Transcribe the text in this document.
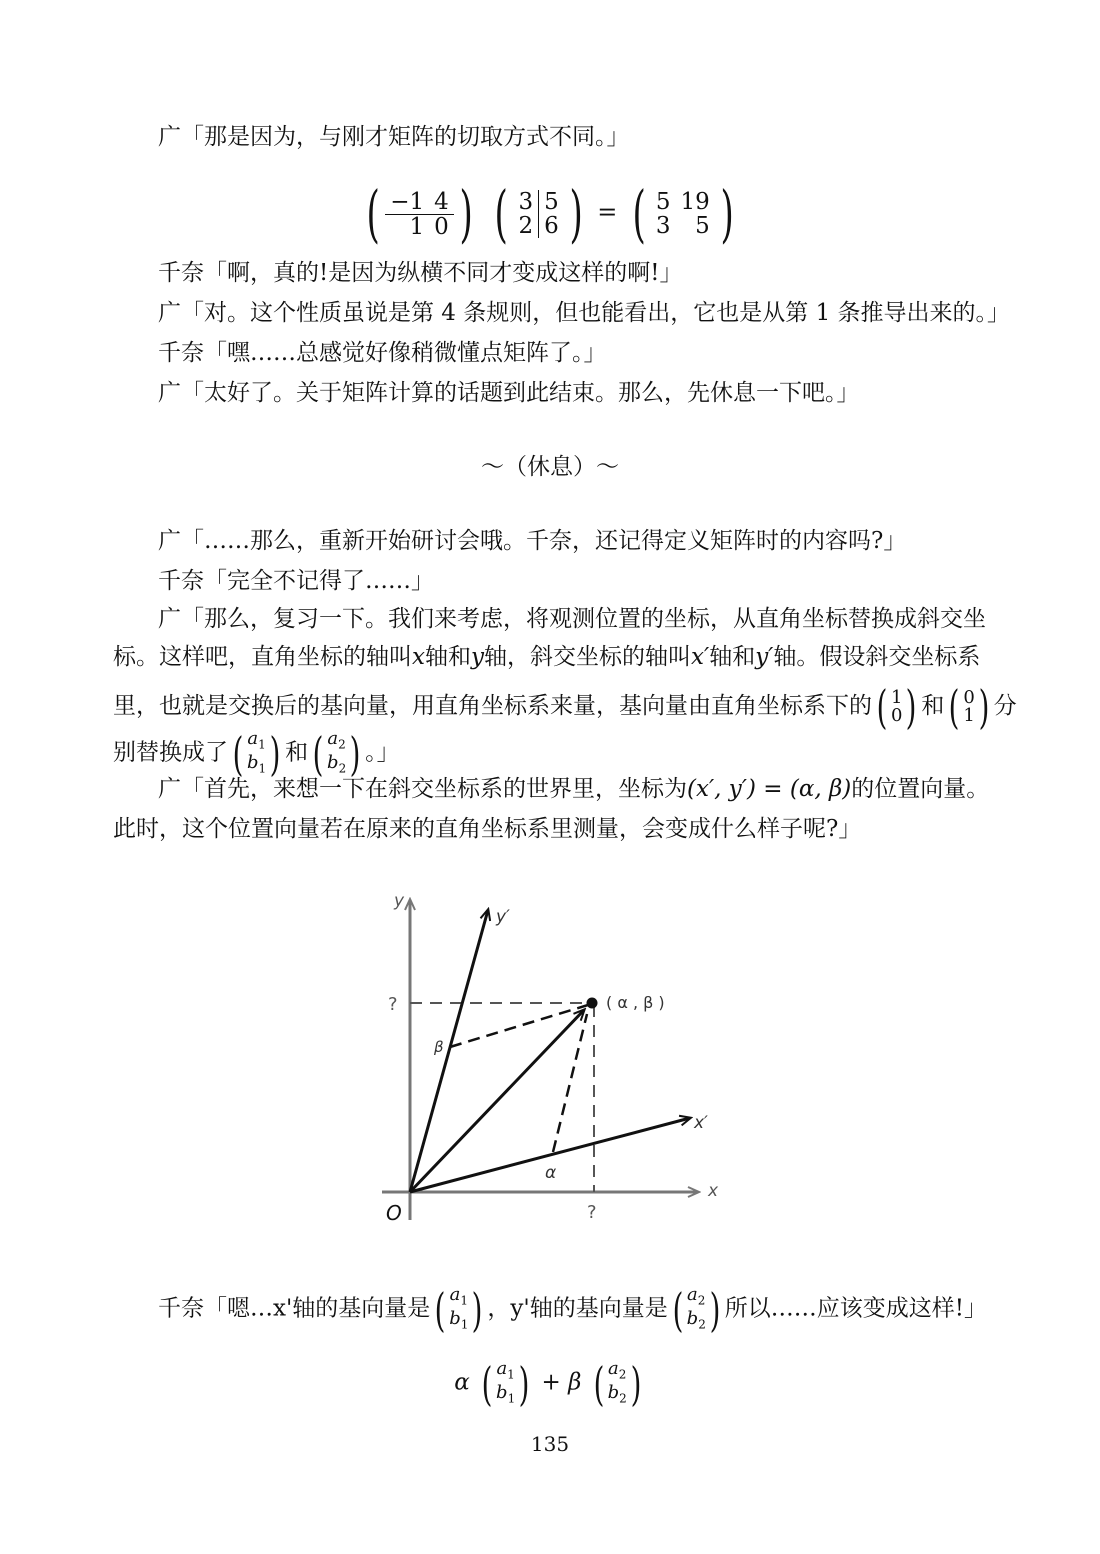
广「那是因为，与刚才矩阵的切取方式不同。」
( −1	4
1	0 )
( 3	5
2	6 ) = ( 5	19
3	5 )
千奈「啊，真的!是因为纵横不同才变成这样的啊!」
广「对。这个性质虽说是第 4 条规则，但也能看出，它也是从第 1 条推导出来的。」
千奈「嘿……总感觉好像稍微懂点矩阵了。」
广「太好了。关于矩阵计算的话题到此结束。那么，先休息一下吧。」
～（休息）～
广「……那么，重新开始研讨会哦。千奈，还记得定义矩阵时的内容吗?」
千奈「完全不记得了……」
广「那么，复习一下。我们来考虑，将观测位置的坐标，从直角坐标替换成斜交坐
标。这样吧，直角坐标的轴叫x轴和y轴，斜交坐标的轴叫x′轴和y′轴。假设斜交坐标系
里，也就是交换后的基向量，用直角坐标系来量，基向量由直角坐标系下的 ( 1
0 ) 和 ( 0
1 ) 分
别替换成了 ( $a_1$
$b_1$ ) 和 ( $a_2$
$b_2$ ) 。」
广「首先，来想一下在斜交坐标系的世界里，坐标为(x′, y′) = (α, β)的位置向量。
此时，这个位置向量若在原来的直角坐标系里测量，会变成什么样子呢?」
y
y′
x
x′
O
?
?
( α , β )
α
β
千奈「嗯…x'轴的基向量是 ( $a_1$
$b_1$ ) ，y'轴的基向量是 ( $a_2$
$b_2$ ) 所以……应该变成这样!」
α ( $a_1$
$b_1$ ) + β ( $a_2$
$b_2$ )
135
